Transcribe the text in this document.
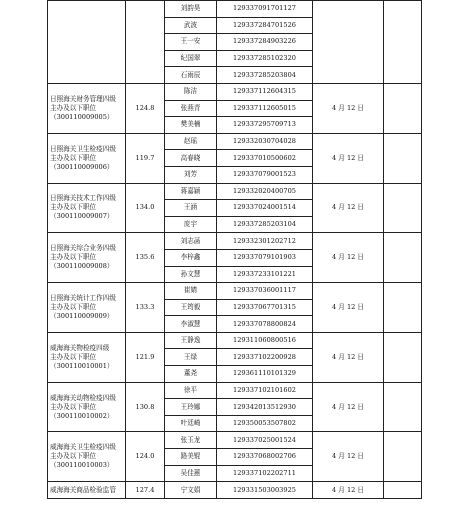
		刘韵昊	129337091701127		
		武波	129337284701526		
		王一安	129337284903226		
		纪国翠	129337285102320		
		石雨辰	129337285203804		

日照海关财务管理四级
主办及以下职位
（300110009005）	124.8	陈洁	129337112604315	4 月 12 日	
		张燕青	129337112605015		
		樊美楠	129337295709713		

日照海关卫生检疫四级
主办及以下职位
（300110009006）	119.7	赵瑶	129332030704028	4 月 12 日	
		高春晓	129337010500602		
		刘芳	129337079001523		

日照海关技术工作四级
主办及以下职位
（300110009007）	134.0	蒋嘉颖	129332020400705	4 月 12 日	
		王涵	129337024001514		
		庞宇	129337285203104		

日照海关综合业务四级
主办及以下职位
（300110009008）	135.6	刘志菡	129332301202712	4 月 12 日	
		李梓鑫	129337079101903		
		孙文慧	129337233101221		

日照海关统计工作四级
主办及以下职位
（300110009009）	133.3	崔婧	129337036001117	4 月 12 日	
		王筠毅	129337067701315		
		李淑慧	129337078800824		

威海海关物检疫四级
主办及以下职位
（300110010001）	121.9	王静逸	129311060800516	4 月 12 日	
		王绿	129337102200928		
		董尧	129361110101329		

威海海关动物检疫四级
主办及以下职位
（300110010002）	130.8	徐平	129337102101602	4 月 12 日	
		王玲娜	129342013512930		
		叶廷崎	129350053507802		

威海海关卫生检疫四级
主办及以下职位
（300110010003）	124.0	张玉龙	129337025001524	4 月 12 日	
		路美锟	129337068002706		
		吴佳蕙	129337102202711		

威海海关商品检验监管	127.4	宁文娟	129331503003925	4 月 12 日	
